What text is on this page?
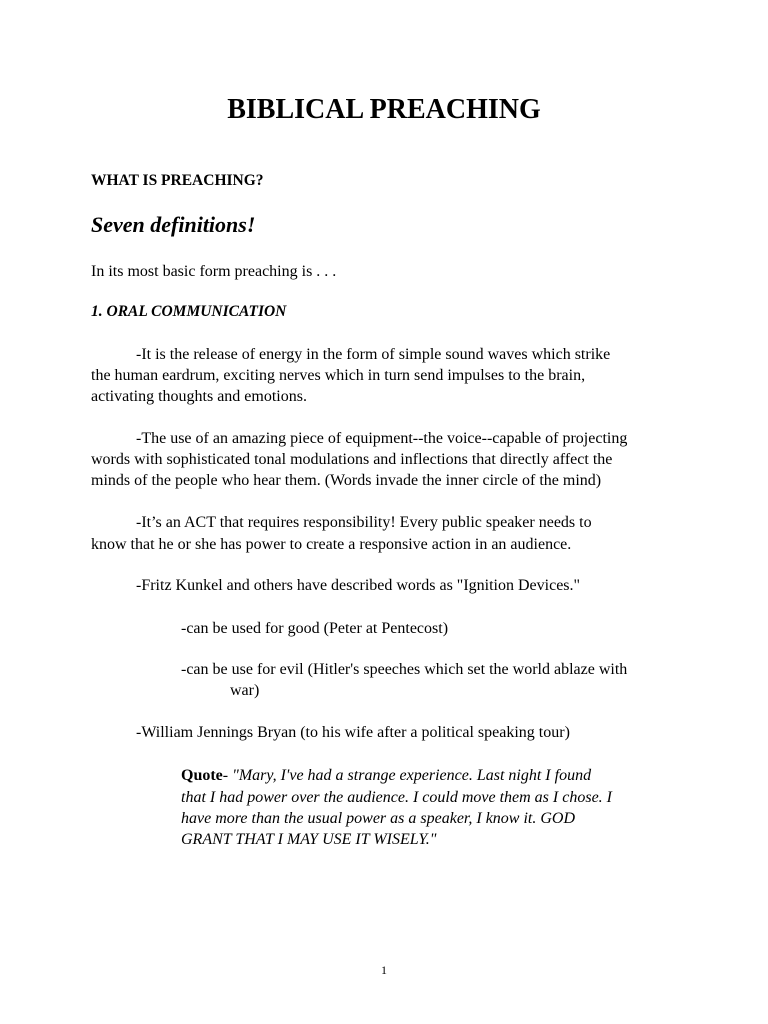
BIBLICAL PREACHING

WHAT IS PREACHING?

Seven definitions!

In its most basic form preaching is . . .

1. ORAL COMMUNICATION

-It is the release of energy in the form of simple sound waves which strike

the human eardrum, exciting nerves which in turn send impulses to the brain,

activating thoughts and emotions.

-The use of an amazing piece of equipment--the voice--capable of projecting

words with sophisticated tonal modulations and inflections that directly affect the

minds of the people who hear them. (Words invade the inner circle of the mind)

-It’s an ACT that requires responsibility! Every public speaker needs to

know that he or she has power to create a responsive action in an audience.

-Fritz Kunkel and others have described words as "Ignition Devices."

-can be used for good (Peter at Pentecost)

-can be use for evil (Hitler's speeches which set the world ablaze with

war)

-William Jennings Bryan (to his wife after a political speaking tour)

Quote- "Mary, I've had a strange experience. Last night I found

that I had power over the audience. I could move them as I chose. I

have more than the usual power as a speaker, I know it. GOD

GRANT THAT I MAY USE IT WISELY."

1
